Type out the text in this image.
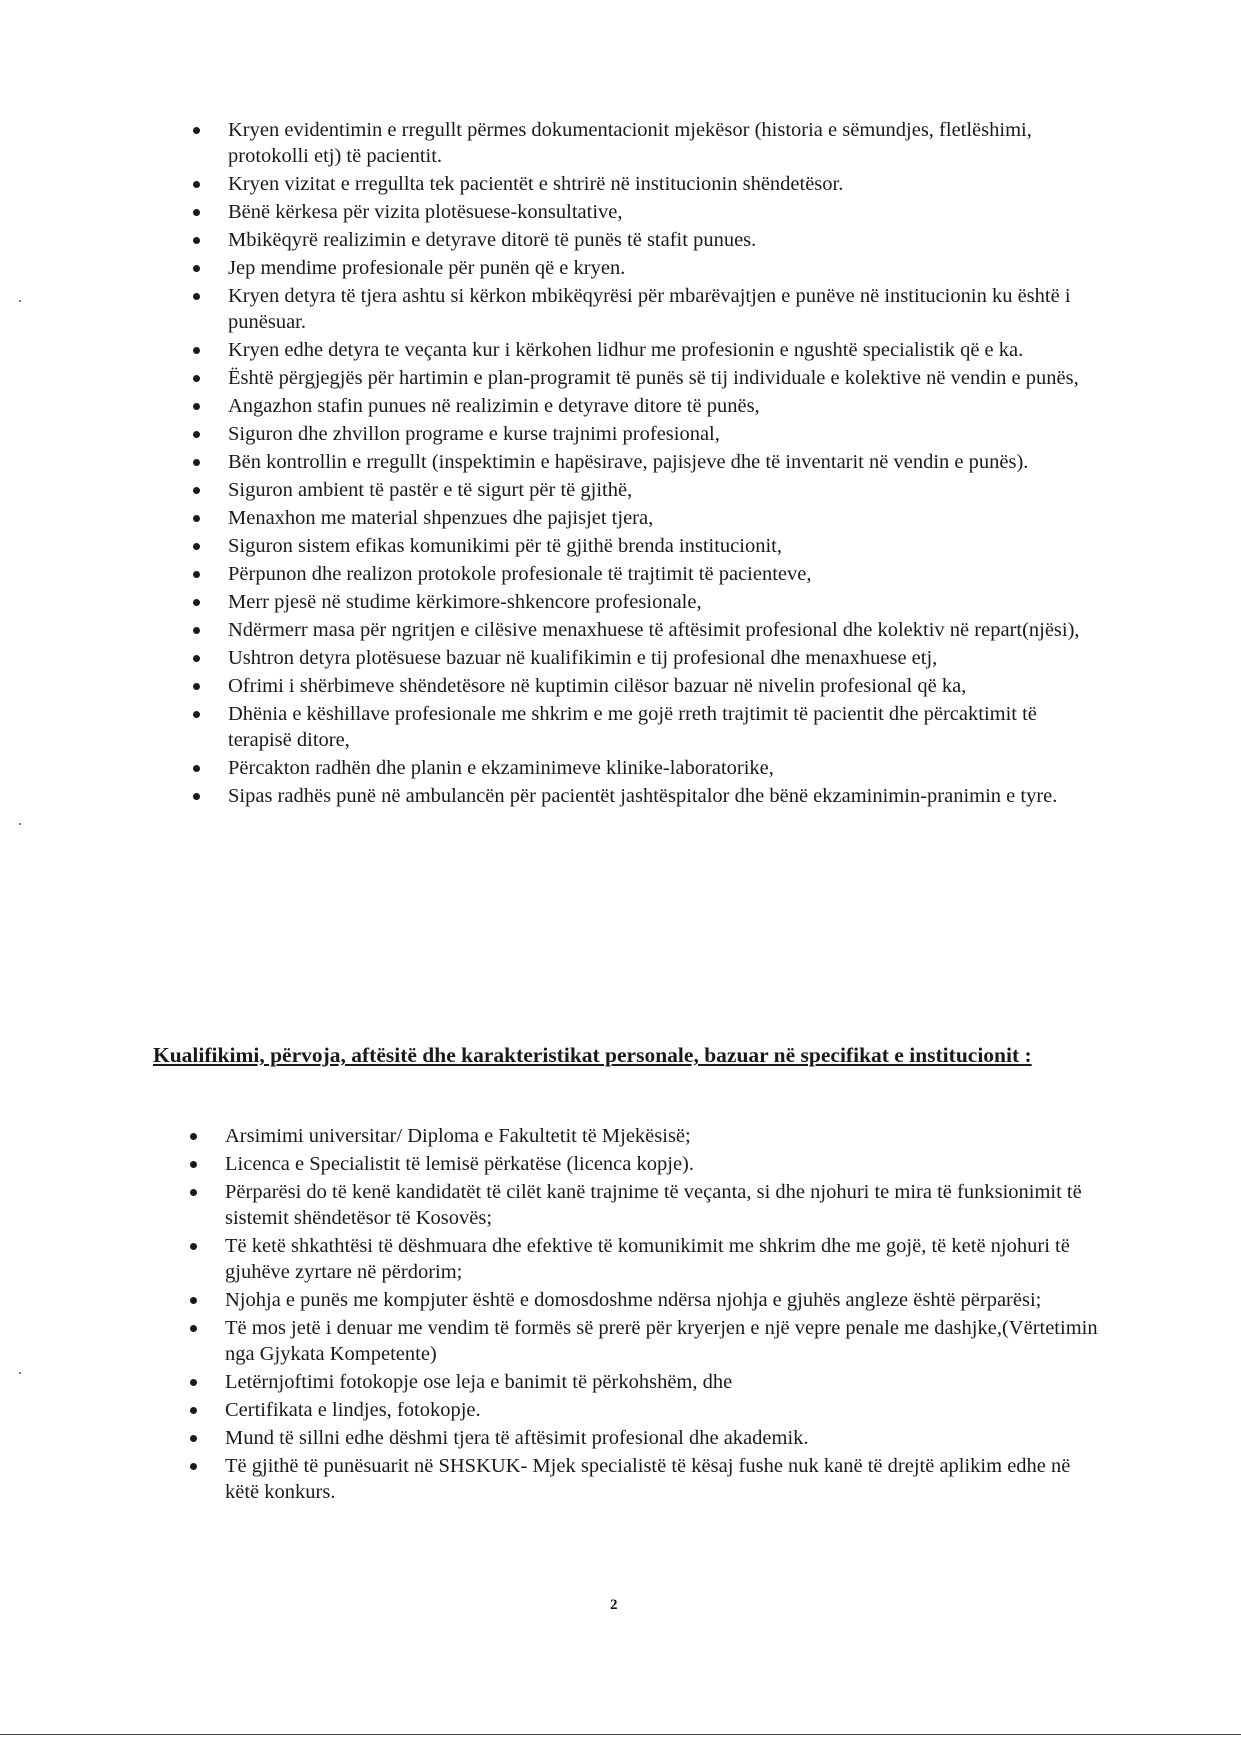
Kryen evidentimin e rregullt përmes dokumentacionit mjekësor (historia e sëmundjes, fletlëshimi, protokolli etj) të pacientit.
Kryen vizitat e rregullta tek pacientët e shtrirë në institucionin shëndetësor.
Bënë kërkesa për vizita plotësuese-konsultative,
Mbikëqyrë realizimin e detyrave ditorë të punës të stafit punues.
Jep mendime profesionale për punën që e kryen.
Kryen detyra të tjera ashtu si kërkon mbikëqyrësi për mbarëvajtjen e punëve në institucionin ku është i punësuar.
Kryen edhe detyra te veçanta kur i kërkohen lidhur me profesionin e ngushtë specialistik që e ka.
Është përgjegjës për hartimin e plan-programit të punës së tij individuale e kolektive në vendin e punës,
Angazhon stafin punues në realizimin e detyrave ditore të punës,
Siguron dhe zhvillon programe e kurse trajnimi profesional,
Bën kontrollin e rregullt (inspektimin e hapësirave, pajisjeve dhe të inventarit në vendin e punës).
Siguron ambient të pastër e të sigurt për të gjithë,
Menaxhon me material shpenzues dhe pajisjet tjera,
Siguron sistem efikas komunikimi për të gjithë brenda institucionit,
Përpunon dhe realizon protokole profesionale të trajtimit të pacienteve,
Merr pjesë në studime kërkimore-shkencore profesionale,
Ndërmerr masa për ngritjen e cilësive menaxhuese të aftësimit profesional dhe kolektiv në repart(njësi),
Ushtron detyra plotësuese bazuar në kualifikimin e tij profesional dhe menaxhuese etj,
Ofrimi i shërbimeve shëndetësore në kuptimin cilësor bazuar në nivelin profesional që ka,
Dhënia e këshillave profesionale me shkrim e me gojë rreth trajtimit të pacientit dhe përcaktimit të terapisë ditore,
Përcakton radhën dhe planin e ekzaminimeve klinike-laboratorike,
Sipas radhës punë në ambulancën për pacientët jashtëspitalor dhe bënë ekzaminimin-pranimin e tyre.
Kualifikimi, përvoja, aftësitë dhe karakteristikat personale, bazuar në specifikat e institucionit :
Arsimimi universitar/ Diploma e Fakultetit të Mjekësisë;
Licenca e Specialistit të lemisë përkatëse (licenca kopje).
Përparësi do të kenë kandidatët të cilët kanë trajnime të veçanta, si dhe njohuri te mira të funksionimit të sistemit shëndetësor të Kosovës;
Të ketë shkathtësi të dëshmuara dhe efektive të komunikimit me shkrim dhe me gojë, të ketë njohuri të gjuhëve zyrtare në përdorim;
Njohja e punës me kompjuter është e domosdoshme ndërsa njohja e gjuhës angleze është përparësi;
Të mos jetë i denuar me vendim të formës së prerë për kryerjen e një vepre penale me dashjke,(Vërtetimin nga Gjykata Kompetente)
Letërnjoftimi fotokopje ose leja e banimit të përkohshëm, dhe
Certifikata e lindjes, fotokopje.
Mund të sillni edhe dëshmi tjera të aftësimit profesional dhe akademik.
Të gjithë të punësuarit në SHSKUK- Mjek specialistë të kësaj fushe nuk kanë të drejtë aplikim edhe në këtë konkurs.
2
